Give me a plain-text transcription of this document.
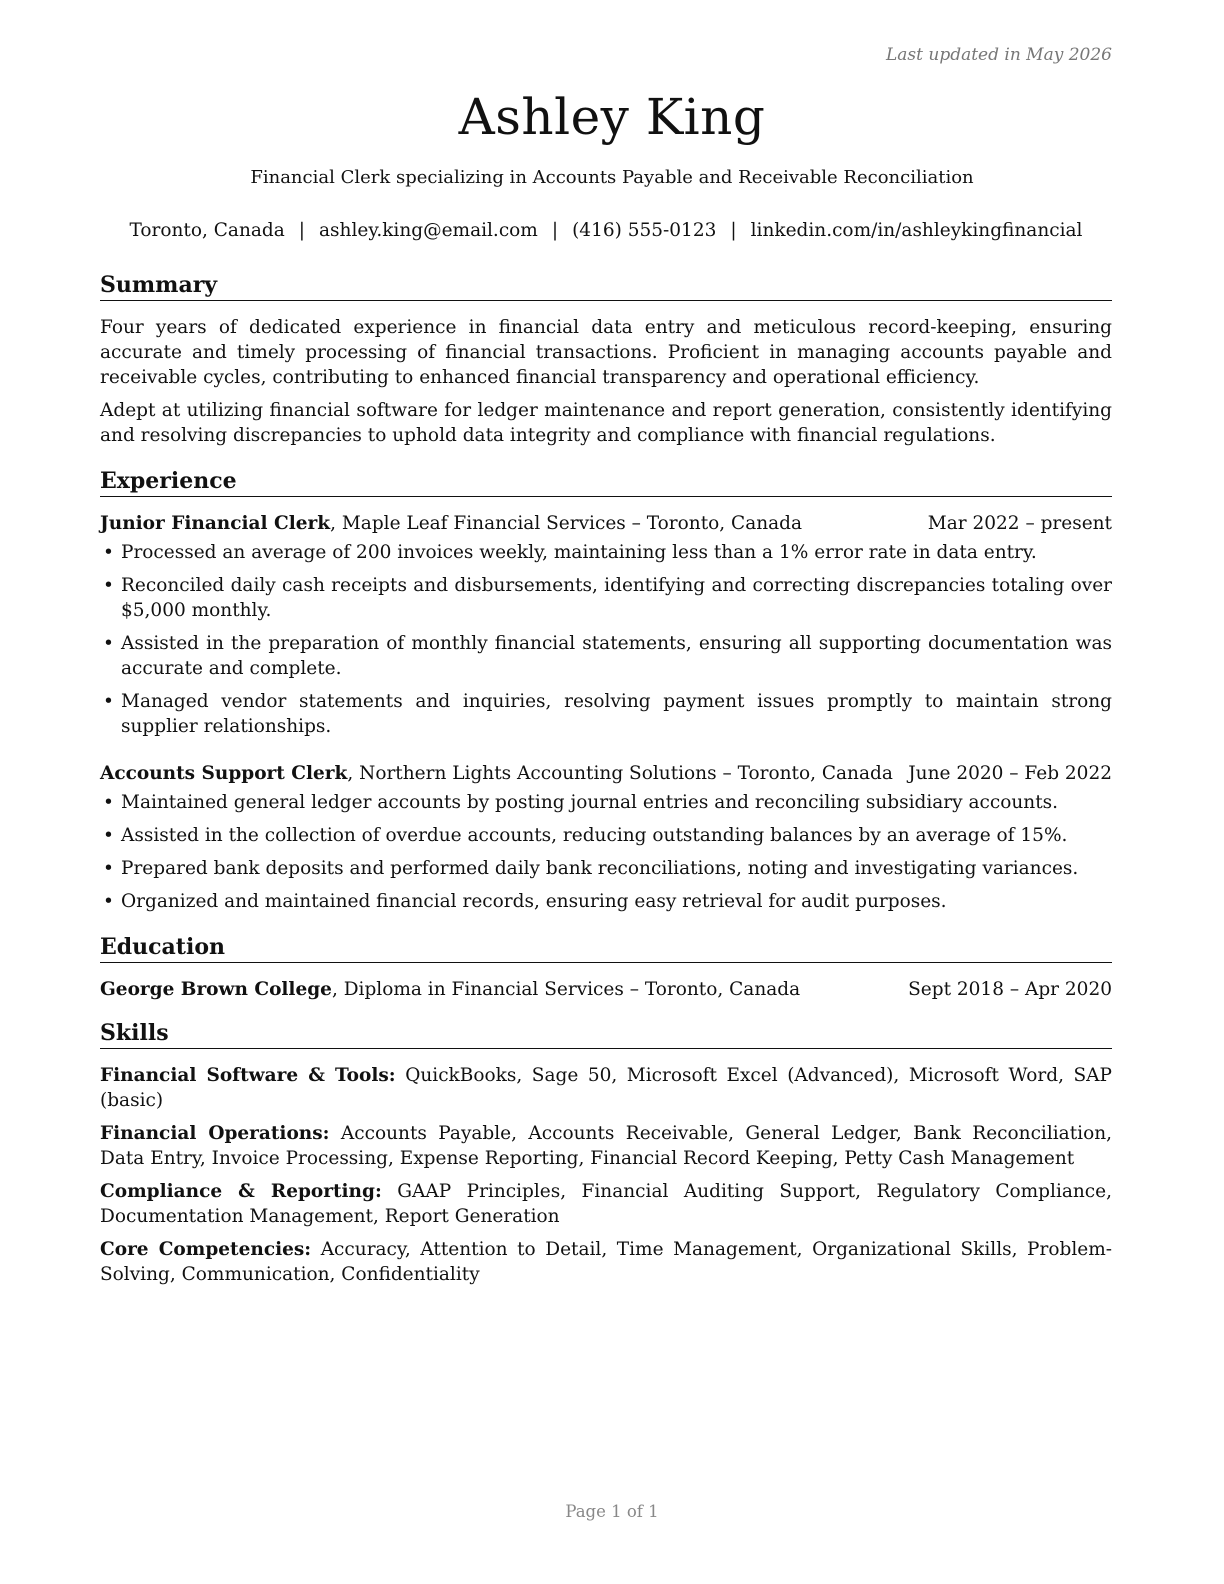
Last updated in May 2026
Ashley King
Financial Clerk specializing in Accounts Payable and Receivable Reconciliation
Toronto, Canada | ashley.king@email.com | (416) 555-0123 | linkedin.com/in/ashleykingfinancial
Summary

Four years of dedicated experience in financial data entry and meticulous record-keeping, ensuring accurate and timely processing of financial transactions. Proficient in managing accounts payable and receivable cycles, contributing to enhanced financial transparency and operational efficiency.

Adept at utilizing financial software for ledger maintenance and report generation, consistently identifying and resolving discrepancies to uphold data integrity and compliance with financial regulations.

Experience
Junior Financial Clerk, Maple Leaf Financial Services – Toronto, Canada	Mar 2022 – present
• Processed an average of 200 invoices weekly, maintaining less than a 1% error rate in data entry.
• Reconciled daily cash receipts and disbursements, identifying and correcting discrepancies totaling over $5,000 monthly.
• Assisted in the preparation of monthly financial statements, ensuring all supporting documentation was accurate and complete.
• Managed vendor statements and inquiries, resolving payment issues promptly to maintain strong supplier relationships.
Accounts Support Clerk, Northern Lights Accounting Solutions – Toronto, Canada June 2020 – Feb 2022
• Maintained general ledger accounts by posting journal entries and reconciling subsidiary accounts.
• Assisted in the collection of overdue accounts, reducing outstanding balances by an average of 15%.
• Prepared bank deposits and performed daily bank reconciliations, noting and investigating variances.
• Organized and maintained financial records, ensuring easy retrieval for audit purposes.
Education
George Brown College, Diploma in Financial Services – Toronto, Canada	Sept 2018 – Apr 2020
Skills
Financial Software & Tools: QuickBooks, Sage 50, Microsoft Excel (Advanced), Microsoft Word, SAP (basic)
Financial Operations: Accounts Payable, Accounts Receivable, General Ledger, Bank Reconciliation, Data Entry, Invoice Processing, Expense Reporting, Financial Record Keeping, Petty Cash Management
Compliance & Reporting: GAAP Principles, Financial Auditing Support, Regulatory Compliance, Documentation Management, Report Generation
Core Competencies: Accuracy, Attention to Detail, Time Management, Organizational Skills, Problem-Solving, Communication, Confidentiality
Page 1 of 1
